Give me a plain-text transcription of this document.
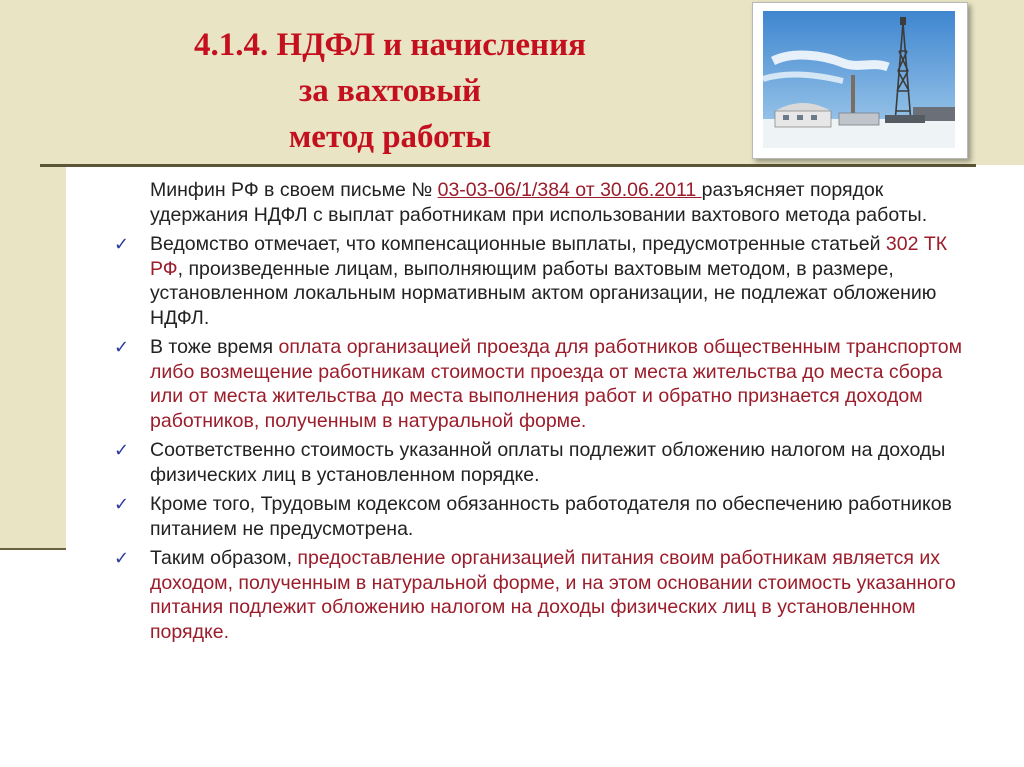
4.1.4. НДФЛ и начисления
за вахтовый
метод работы

Минфин РФ в своем письме № 03-03-06/1/384 от 30.06.2011 разъясняет порядок удержания НДФЛ с выплат работникам при использовании вахтового метода работы.

✓ Ведомство отмечает, что компенсационные выплаты, предусмотренные статьей 302 ТК РФ, произведенные лицам, выполняющим работы вахтовым методом, в размере, установленном локальным нормативным актом организации, не подлежат обложению НДФЛ.
✓ В тоже время оплата организацией проезда для работников общественным транспортом либо возмещение работникам стоимости проезда от места жительства до места сбора или от места жительства до места выполнения работ и обратно признается доходом работников, полученным в натуральной форме.
✓ Соответственно стоимость указанной оплаты подлежит обложению налогом на доходы физических лиц в установленном порядке.
✓ Кроме того, Трудовым кодексом обязанность работодателя по обеспечению работников питанием не предусмотрена.
✓ Таким образом, предоставление организацией питания своим работникам является их доходом, полученным в натуральной форме, и на этом основании стоимость указанного питания подлежит обложению налогом на доходы физических лиц в установленном порядке.
